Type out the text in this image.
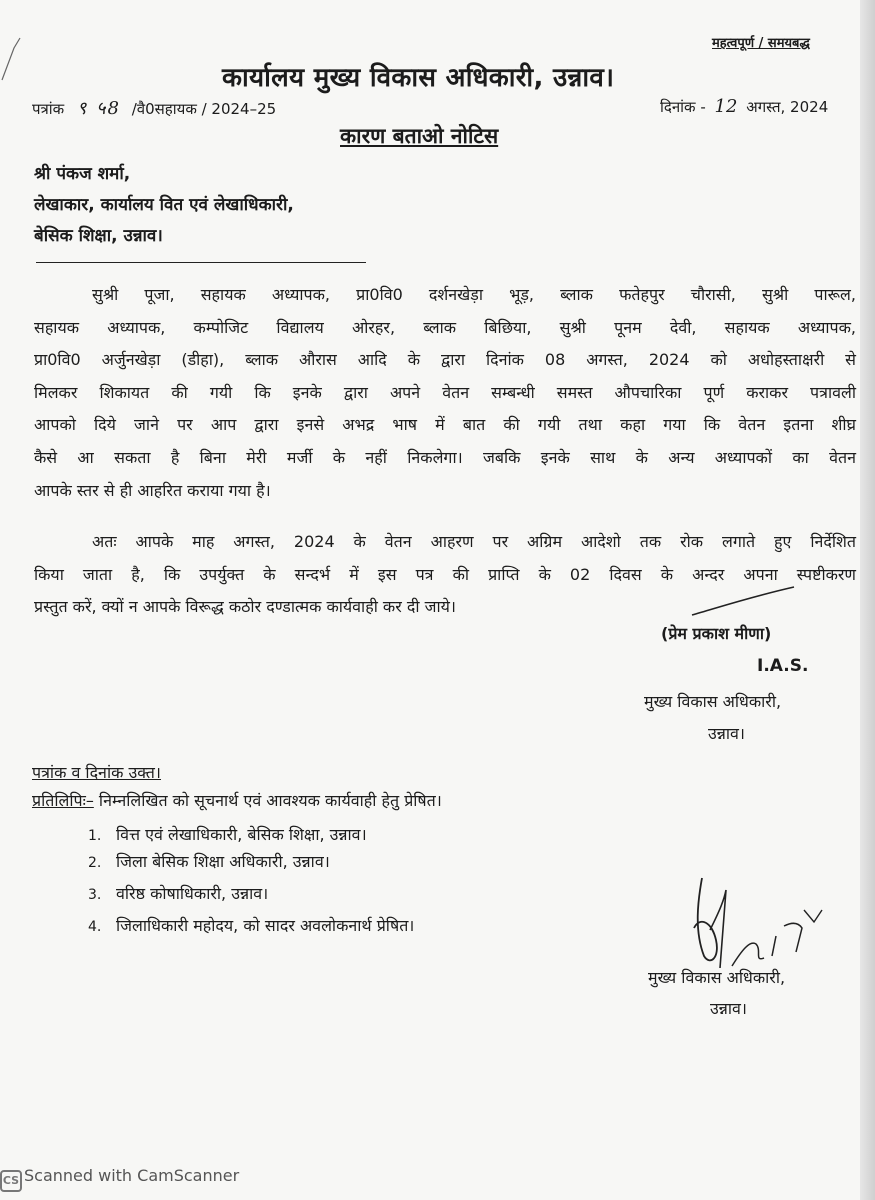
महत्वपूर्ण / समयबद्ध
कार्यालय मुख्य विकास अधिकारी, उन्नाव।
पत्रांक ९ ५8 /वै0सहायक / 2024–25	दिनांक - 12 अगस्त, 2024
कारण बताओ नोटिस
श्री पंकज शर्मा,
लेखाकार, कार्यालय वित एवं लेखाधिकारी,
बेसिक शिक्षा, उन्नाव।
सुश्री पूजा, सहायक अध्यापक, प्रा0वि0 दर्शनखेड़ा भूड़, ब्लाक फतेहपुर चौरासी, सुश्री पारूल,
सहायक अध्यापक, कम्पोजिट विद्यालय ओरहर, ब्लाक बिछिया, सुश्री पूनम देवी, सहायक अध्यापक,
प्रा0वि0 अर्जुनखेड़ा (डीहा), ब्लाक औरास आदि के द्वारा दिनांक 08 अगस्त, 2024 को अधोहस्ताक्षरी से
मिलकर शिकायत की गयी कि इनके द्वारा अपने वेतन सम्बन्धी समस्त औपचारिका पूर्ण कराकर पत्रावली
आपको दिये जाने पर आप द्वारा इनसे अभद्र भाष में बात की गयी तथा कहा गया कि वेतन इतना शीघ्र
कैसे आ सकता है बिना मेरी मर्जी के नहीं निकलेगा। जबकि इनके साथ के अन्य अध्यापकों का वेतन
आपके स्तर से ही आहरित कराया गया है।
अतः आपके माह अगस्त, 2024 के वेतन आहरण पर अग्रिम आदेशो तक रोक लगाते हुए निर्देशित
किया जाता है, कि उपर्युक्त के सन्दर्भ में इस पत्र की प्राप्ति के 02 दिवस के अन्दर अपना स्पष्टीकरण
प्रस्तुत करें, क्यों न आपके विरूद्ध कठोर दण्डात्मक कार्यवाही कर दी जाये।
(प्रेम प्रकाश मीणा)
I.A.S.
मुख्य विकास अधिकारी,
उन्नाव।
पत्रांक व दिनांक उक्त।
प्रतिलिपिः– निम्नलिखित को सूचनार्थ एवं आवश्यक कार्यवाही हेतु प्रेषित।
1. वित्त एवं लेखाधिकारी, बेसिक शिक्षा, उन्नाव।
2. जिला बेसिक शिक्षा अधिकारी, उन्नाव।
3. वरिष्ठ कोषाधिकारी, उन्नाव।
4. जिलाधिकारी महोदय, को सादर अवलोकनार्थ प्रेषित।
मुख्य विकास अधिकारी,
उन्नाव।
CS Scanned with CamScanner
